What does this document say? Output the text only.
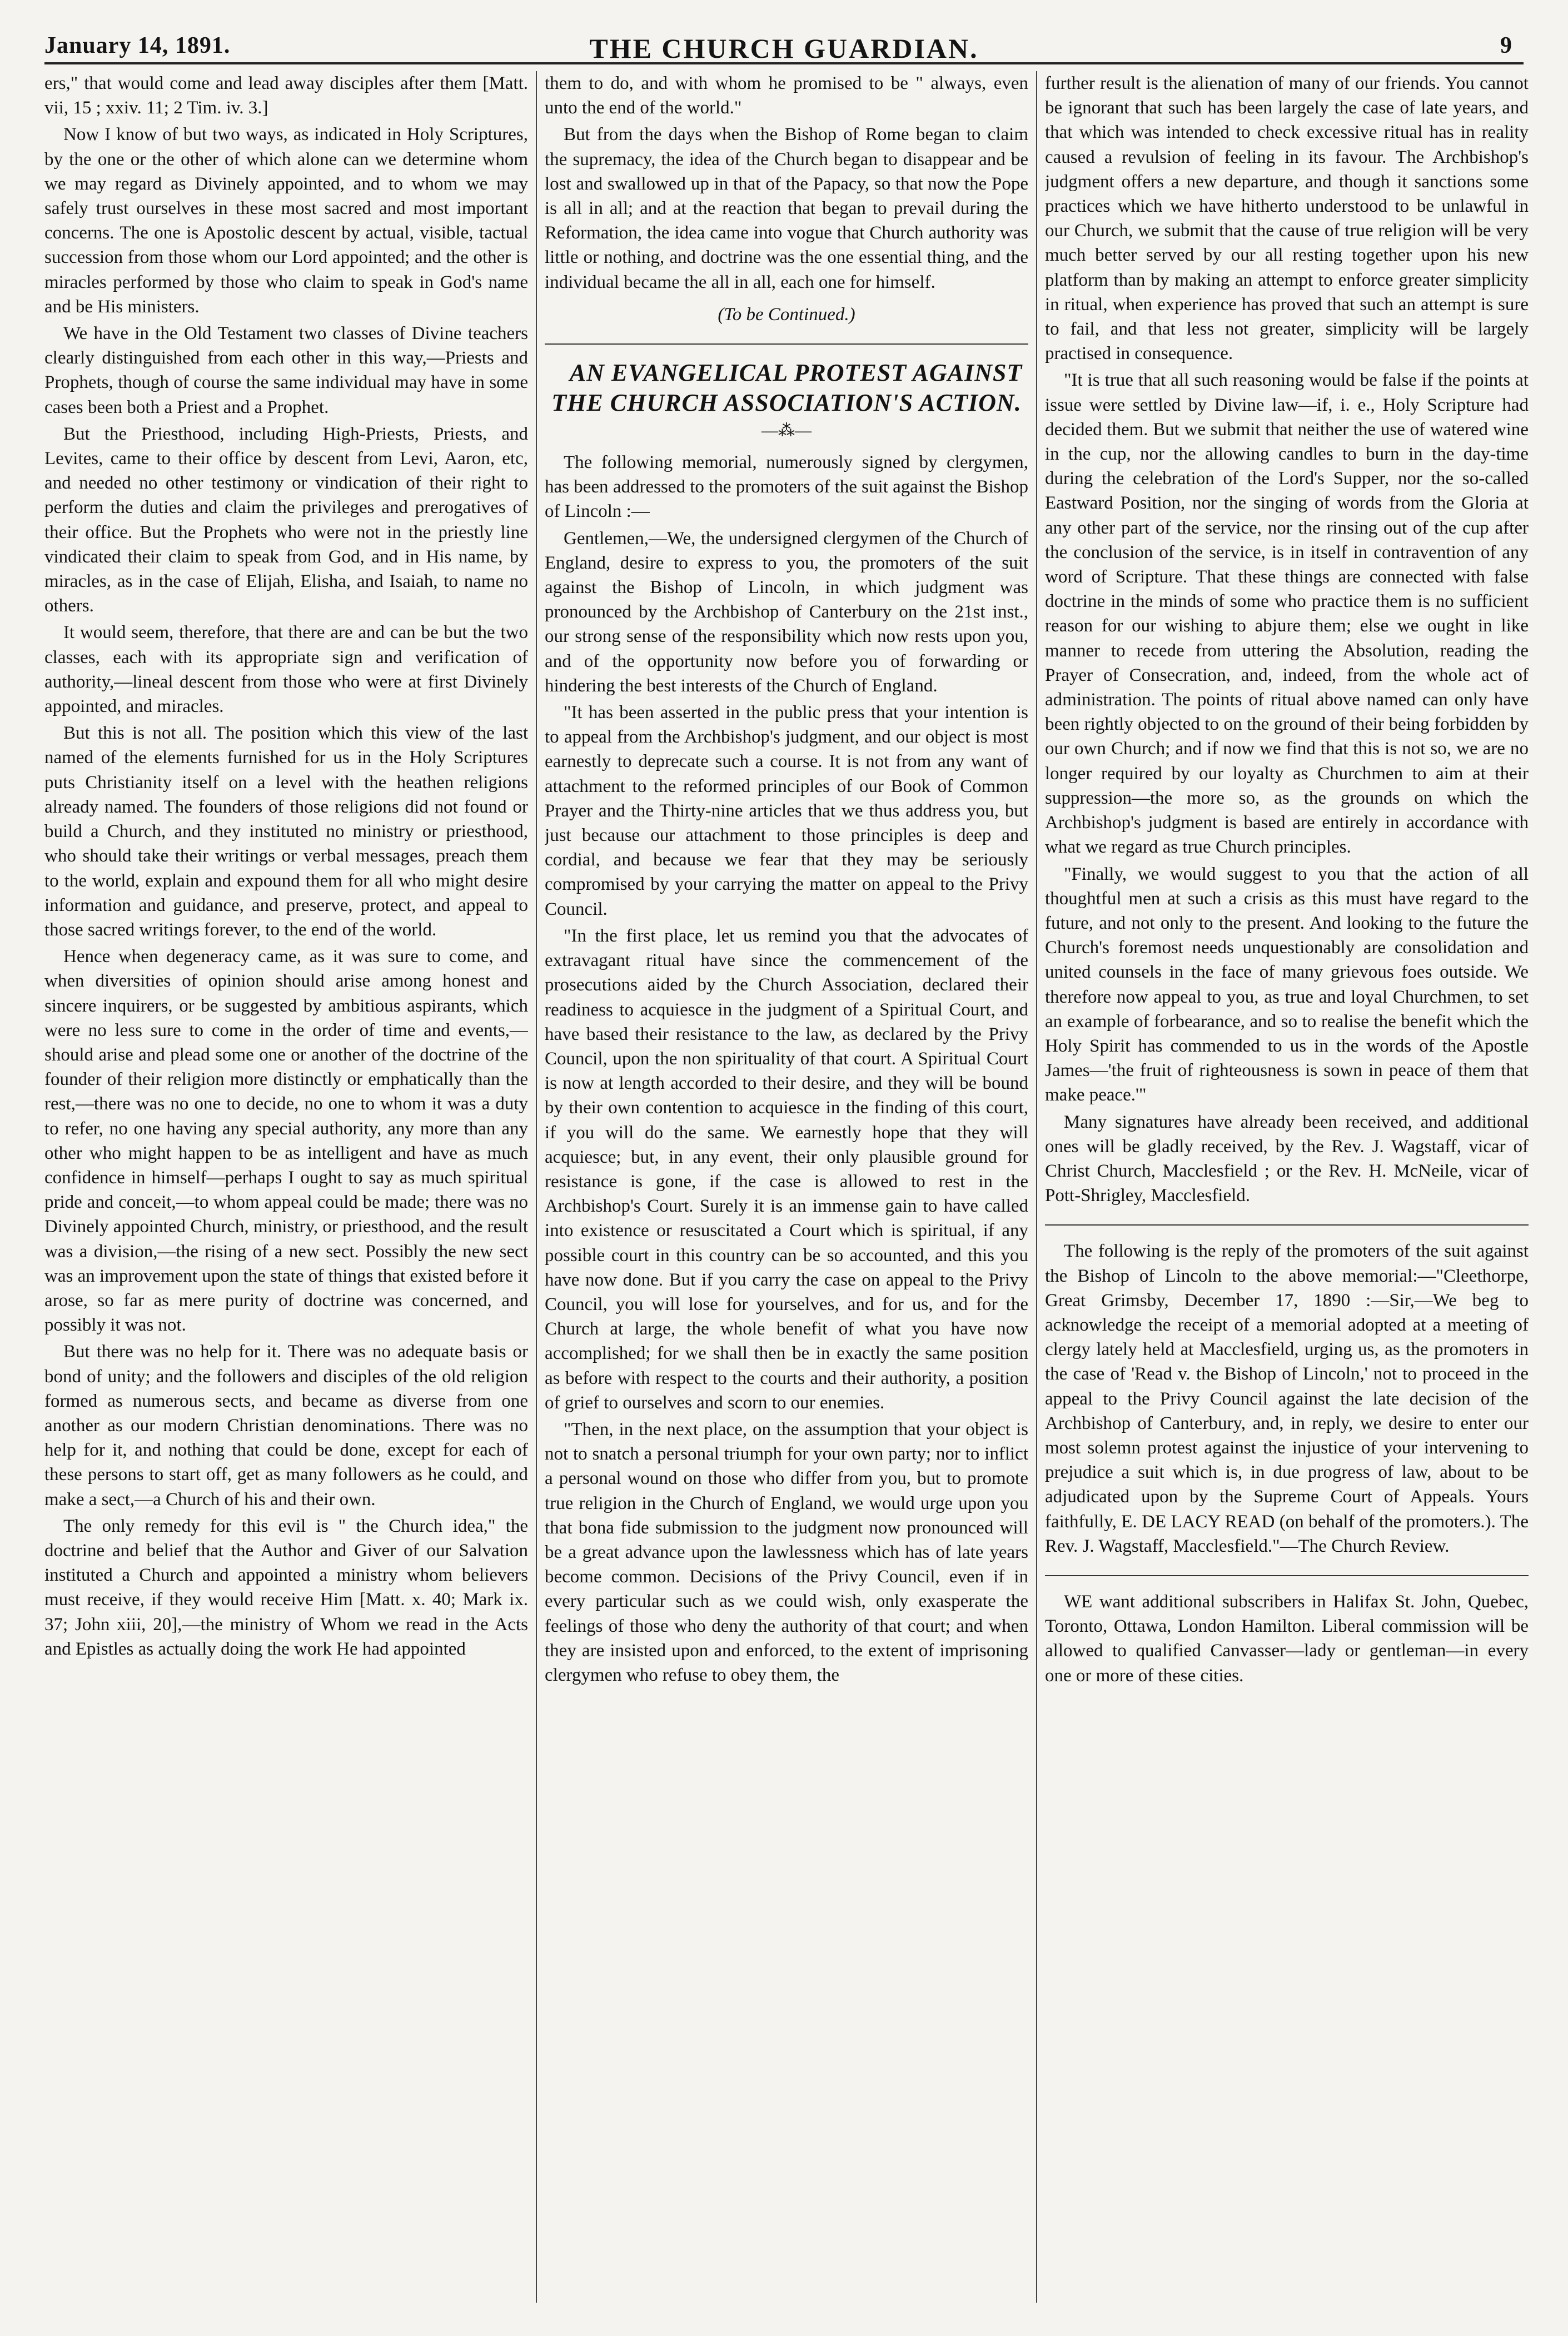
January 14, 1891.	THE CHURCH GUARDIAN.	9

ers," that would come and lead away disciples after them [Matt. vii, 15 ; xxiv. 11; 2 Tim. iv. 3.]

Now I know of but two ways, as indicated in Holy Scriptures, by the one or the other of which alone can we determine whom we may regard as Divinely appointed, and to whom we may safely trust ourselves in these most sacred and most important concerns. The one is Apostolic descent by actual, visible, tactual succession from those whom our Lord appointed; and the other is miracles performed by those who claim to speak in God's name and be His ministers.

We have in the Old Testament two classes of Divine teachers clearly distinguished from each other in this way,—Priests and Prophets, though of course the same individual may have in some cases been both a Priest and a Prophet.

But the Priesthood, including High-Priests, Priests, and Levites, came to their office by descent from Levi, Aaron, etc, and needed no other testimony or vindication of their right to perform the duties and claim the privileges and prerogatives of their office. But the Prophets who were not in the priestly line vindicated their claim to speak from God, and in His name, by miracles, as in the case of Elijah, Elisha, and Isaiah, to name no others.

It would seem, therefore, that there are and can be but the two classes, each with its appropriate sign and verification of authority,—lineal descent from those who were at first Divinely appointed, and miracles.

But this is not all. The position which this view of the last named of the elements furnished for us in the Holy Scriptures puts Christianity itself on a level with the heathen religions already named. The founders of those religions did not found or build a Church, and they instituted no ministry or priesthood, who should take their writings or verbal messages, preach them to the world, explain and expound them for all who might desire information and guidance, and preserve, protect, and appeal to those sacred writings forever, to the end of the world.

Hence when degeneracy came, as it was sure to come, and when diversities of opinion should arise among honest and sincere inquirers, or be suggested by ambitious aspirants, which were no less sure to come in the order of time and events,—should arise and plead some one or another of the doctrine of the founder of their religion more distinctly or emphatically than the rest,—there was no one to decide, no one to whom it was a duty to refer, no one having any special authority, any more than any other who might happen to be as intelligent and have as much confidence in himself—perhaps I ought to say as much spiritual pride and conceit,—to whom appeal could be made; there was no Divinely appointed Church, ministry, or priesthood, and the result was a division,—the rising of a new sect. Possibly the new sect was an improvement upon the state of things that existed before it arose, so far as mere purity of doctrine was concerned, and possibly it was not.

But there was no help for it. There was no adequate basis or bond of unity; and the followers and disciples of the old religion formed as numerous sects, and became as diverse from one another as our modern Christian denominations. There was no help for it, and nothing that could be done, except for each of these persons to start off, get as many followers as he could, and make a sect,—a Church of his and their own.

The only remedy for this evil is " the Church idea," the doctrine and belief that the Author and Giver of our Salvation instituted a Church and appointed a ministry whom believers must receive, if they would receive Him [Matt. x. 40; Mark ix. 37; John xiii, 20],—the ministry of Whom we read in the Acts and Epistles as actually doing the work He had appointed

them to do, and with whom he promised to be " always, even unto the end of the world."

But from the days when the Bishop of Rome began to claim the supremacy, the idea of the Church began to disappear and be lost and swallowed up in that of the Papacy, so that now the Pope is all in all; and at the reaction that began to prevail during the Reformation, the idea came into vogue that Church authority was little or nothing, and doctrine was the one essential thing, and the individual became the all in all, each one for himself.

(To be Continued.)

AN EVANGELICAL PROTEST AGAINST THE CHURCH ASSOCIATION'S ACTION.

—⁂—

The following memorial, numerously signed by clergymen, has been addressed to the promoters of the suit against the Bishop of Lincoln :—

Gentlemen,—We, the undersigned clergymen of the Church of England, desire to express to you, the promoters of the suit against the Bishop of Lincoln, in which judgment was pronounced by the Archbishop of Canterbury on the 21st inst., our strong sense of the responsibility which now rests upon you, and of the opportunity now before you of forwarding or hindering the best interests of the Church of England.

"It has been asserted in the public press that your intention is to appeal from the Archbishop's judgment, and our object is most earnestly to deprecate such a course. It is not from any want of attachment to the reformed principles of our Book of Common Prayer and the Thirty-nine articles that we thus address you, but just because our attachment to those principles is deep and cordial, and because we fear that they may be seriously compromised by your carrying the matter on appeal to the Privy Council.

"In the first place, let us remind you that the advocates of extravagant ritual have since the commencement of the prosecutions aided by the Church Association, declared their readiness to acquiesce in the judgment of a Spiritual Court, and have based their resistance to the law, as declared by the Privy Council, upon the non spirituality of that court. A Spiritual Court is now at length accorded to their desire, and they will be bound by their own contention to acquiesce in the finding of this court, if you will do the same. We earnestly hope that they will acquiesce; but, in any event, their only plausible ground for resistance is gone, if the case is allowed to rest in the Archbishop's Court. Surely it is an immense gain to have called into existence or resuscitated a Court which is spiritual, if any possible court in this country can be so accounted, and this you have now done. But if you carry the case on appeal to the Privy Council, you will lose for yourselves, and for us, and for the Church at large, the whole benefit of what you have now accomplished; for we shall then be in exactly the same position as before with respect to the courts and their authority, a position of grief to ourselves and scorn to our enemies.

"Then, in the next place, on the assumption that your object is not to snatch a personal triumph for your own party; nor to inflict a personal wound on those who differ from you, but to promote true religion in the Church of England, we would urge upon you that bona fide submission to the judgment now pronounced will be a great advance upon the lawlessness which has of late years become common. Decisions of the Privy Council, even if in every particular such as we could wish, only exasperate the feelings of those who deny the authority of that court; and when they are insisted upon and enforced, to the extent of imprisoning clergymen who refuse to obey them, the

further result is the alienation of many of our friends. You cannot be ignorant that such has been largely the case of late years, and that which was intended to check excessive ritual has in reality caused a revulsion of feeling in its favour. The Archbishop's judgment offers a new departure, and though it sanctions some practices which we have hitherto understood to be unlawful in our Church, we submit that the cause of true religion will be very much better served by our all resting together upon his new platform than by making an attempt to enforce greater simplicity in ritual, when experience has proved that such an attempt is sure to fail, and that less not greater, simplicity will be largely practised in consequence.

"It is true that all such reasoning would be false if the points at issue were settled by Divine law—if, i. e., Holy Scripture had decided them. But we submit that neither the use of watered wine in the cup, nor the allowing candles to burn in the day-time during the celebration of the Lord's Supper, nor the so-called Eastward Position, nor the singing of words from the Gloria at any other part of the service, nor the rinsing out of the cup after the conclusion of the service, is in itself in contravention of any word of Scripture. That these things are connected with false doctrine in the minds of some who practice them is no sufficient reason for our wishing to abjure them; else we ought in like manner to recede from uttering the Absolution, reading the Prayer of Consecration, and, indeed, from the whole act of administration. The points of ritual above named can only have been rightly objected to on the ground of their being forbidden by our own Church; and if now we find that this is not so, we are no longer required by our loyalty as Churchmen to aim at their suppression—the more so, as the grounds on which the Archbishop's judgment is based are entirely in accordance with what we regard as true Church principles.

"Finally, we would suggest to you that the action of all thoughtful men at such a crisis as this must have regard to the future, and not only to the present. And looking to the future the Church's foremost needs unquestionably are consolidation and united counsels in the face of many grievous foes outside. We therefore now appeal to you, as true and loyal Churchmen, to set an example of forbearance, and so to realise the benefit which the Holy Spirit has commended to us in the words of the Apostle James—'the fruit of righteousness is sown in peace of them that make peace.'"

Many signatures have already been received, and additional ones will be gladly received, by the Rev. J. Wagstaff, vicar of Christ Church, Macclesfield ; or the Rev. H. McNeile, vicar of Pott-Shrigley, Macclesfield.

The following is the reply of the promoters of the suit against the Bishop of Lincoln to the above memorial:—"Cleethorpe, Great Grimsby, December 17, 1890 :—Sir,—We beg to acknowledge the receipt of a memorial adopted at a meeting of clergy lately held at Macclesfield, urging us, as the promoters in the case of 'Read v. the Bishop of Lincoln,' not to proceed in the appeal to the Privy Council against the late decision of the Archbishop of Canterbury, and, in reply, we desire to enter our most solemn protest against the injustice of your intervening to prejudice a suit which is, in due progress of law, about to be adjudicated upon by the Supreme Court of Appeals. Yours faithfully, E. DE LACY READ (on behalf of the promoters.). The Rev. J. Wagstaff, Macclesfield."—The Church Review.

WE want additional subscribers in Halifax St. John, Quebec, Toronto, Ottawa, London Hamilton. Liberal commission will be allowed to qualified Canvasser—lady or gentleman—in every one or more of these cities.
